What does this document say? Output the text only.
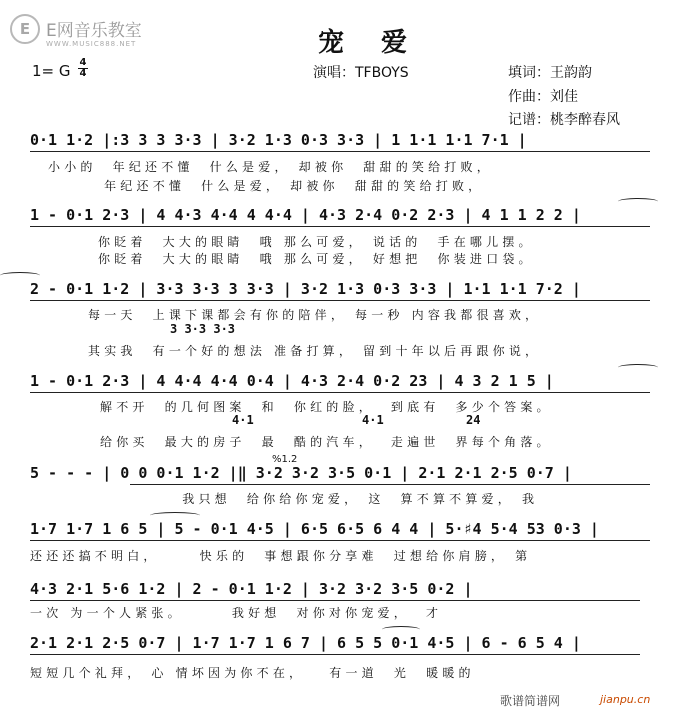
E

E网音乐教室

WWW.MUSIC888.NET	宠 爱
1= G 4
4	演唱：TFBOYS	填词：王韵韵
作曲：刘佳
记谱：桃李醉春风
0·1 1·2 |:3 3 3 3·3 | 3·2 1·3 0·3 3·3 | 1 1·1 1·1 7·1 |
小小的  年纪还不懂  什么是爱， 却被你  甜甜的笑给打败，
年纪还不懂  什么是爱， 却被你  甜甜的笑给打败，
1 - 0·1 2·3 | 4 4·3 4·4 4 4·4 | 4·3 2·4 0·2 2·3 | 4 1 1 2 2 |
你眨着  大大的眼睛  哦 那么可爱， 说话的  手在哪儿摆。
你眨着  大大的眼睛  哦 那么可爱， 好想把  你装进口袋。
2 - 0·1 1·2 | 3·3 3·3 3 3·3 | 3·2 1·3 0·3 3·3 | 1·1 1·1 7·2 |
每一天  上课下课都会有你的陪伴， 每一秒 内容我都很喜欢，
3 3·3 3·3
其实我  有一个好的想法 准备打算， 留到十年以后再跟你说，
1 - 0·1 2·3 | 4 4·4 4·4 0·4 | 4·3 2·4 0·2 23 | 4 3 2 1 5 |
解不开  的几何图案  和  你红的脸，  到底有  多少个答案。
4·1	4·1	24
给你买  最大的房子  最  酷的汽车，  走遍世  界每个角落。
%1.2
5 - - - | 0 0 0·1 1·2 |‖ 3·2 3·2 3·5 0·1 | 2·1 2·1 2·5 0·7 |
我只想  给你给你宠爱， 这  算不算不算爱， 我
1·7 1·7 1 6 5 | 5 - 0·1 4·5 | 6·5 6·5 6 4 4 | 5·♯4 5·4 53 0·3 |
还还还搞不明白，     快乐的  事想跟你分享难  过想给你肩膀， 第
4·3 2·1 5·6 1·2 | 2 - 0·1 1·2 | 3·2 3·2 3·5 0·2 |
一次 为一个人紧张。      我好想  对你对你宠爱，  才
2·1 2·1 2·5 0·7 | 1·7 1·7 1 6 7 | 6 5 5 0·1 4·5 | 6 - 6 5 4 |
短短几个礼拜， 心 情坏因为你不在，   有一道  光  暖暖的
歌谱简谱网	jianpu.cn
